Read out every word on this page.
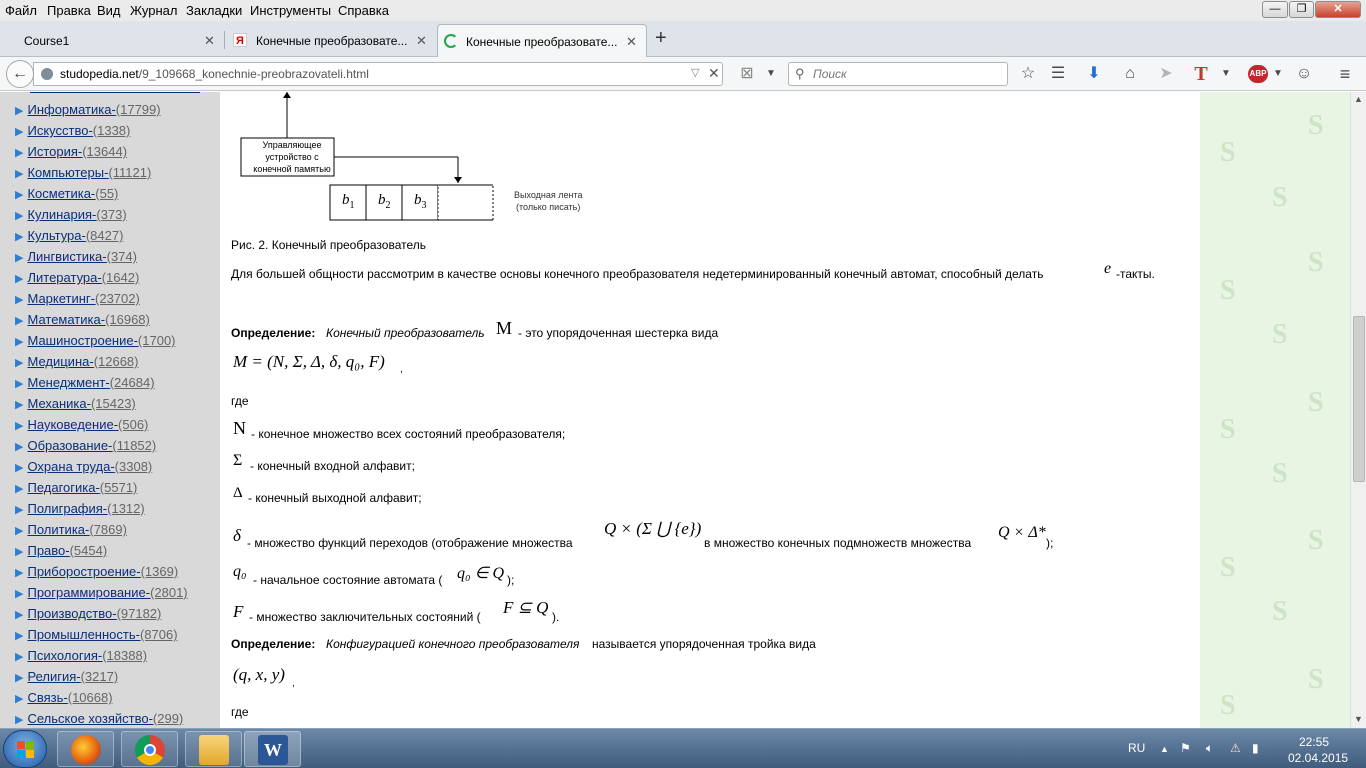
Файл Правка Вид Журнал Закладки Инструменты Справка	—	❐	✕
Course1	✕ Я Конечные преобразовате... ✕	Конечные преобразовате... ✕ +
studopedia.net/9_109668_konechnie-preobrazovateli.html	▽ ✕
←	⊠	▼	⚲ Поиск	☆ ☰ ⬇	⌂	➤ T	▼	ABP ▼ ☺ ≡
▶ Информатика-(17799)
▶ Искусство-(1338)
▶ История-(13644)
▶ Компьютеры-(11121)
▶ Косметика-(55)
▶ Кулинария-(373)
▶ Культура-(8427)
▶ Лингвистика-(374)
▶ Литература-(1642)
▶ Маркетинг-(23702)
▶ Математика-(16968)
▶ Машиностроение-(1700)
▶ Медицина-(12668)
▶ Менеджмент-(24684)
▶ Механика-(15423)
▶ Науковедение-(506)
▶ Образование-(11852)
▶ Охрана труда-(3308)
▶ Педагогика-(5571)
▶ Полиграфия-(1312)
▶ Политика-(7869)
▶ Право-(5454)
▶ Приборостроение-(1369)
▶ Программирование-(2801)
▶ Производство-(97182)
▶ Промышленность-(8706)
▶ Психология-(18388)
▶ Религия-(3217)
▶ Связь-(10668)
▶ Сельское хозяйство-(299)
Управляющее
устройство с
конечной памятью
$b_1$ $b_2$ $b_3$
Выходная лента
(только писать)
Рис. 2. Конечный преобразователь
Для большей общности рассмотрим в качестве основы конечного преобразователя недетерминированный конечный автомат, способный делать	e -такты.
Определение: Конечный преобразователь M - это упорядоченная шестерка вида
M = (N, Σ, Δ, δ, q₀, F) ,
где
N - конечное множество всех состояний преобразователя;
Σ - конечный входной алфавит;
Δ - конечный выходной алфавит;
δ - множество функций переходов (отображение множества
Q × (Σ ⋃ {e})
в множество конечных подмножеств множества
Q × Δ*
);
q₀ - начальное состояние автомата ( q₀ ∈ Q );
F - множество заключительных состояний ( F ⊆ Q ).
Определение: Конфигурацией конечного преобразователя называется упорядоченная тройка вида
(q, x, y) ,
где
S
S
S
S
S
S
S
S
S
S
S
S
S
S
▲
▼
W	RU ▲ ⚑ 🔈︎ ⚠ ▮	22:55
02.04.2015
